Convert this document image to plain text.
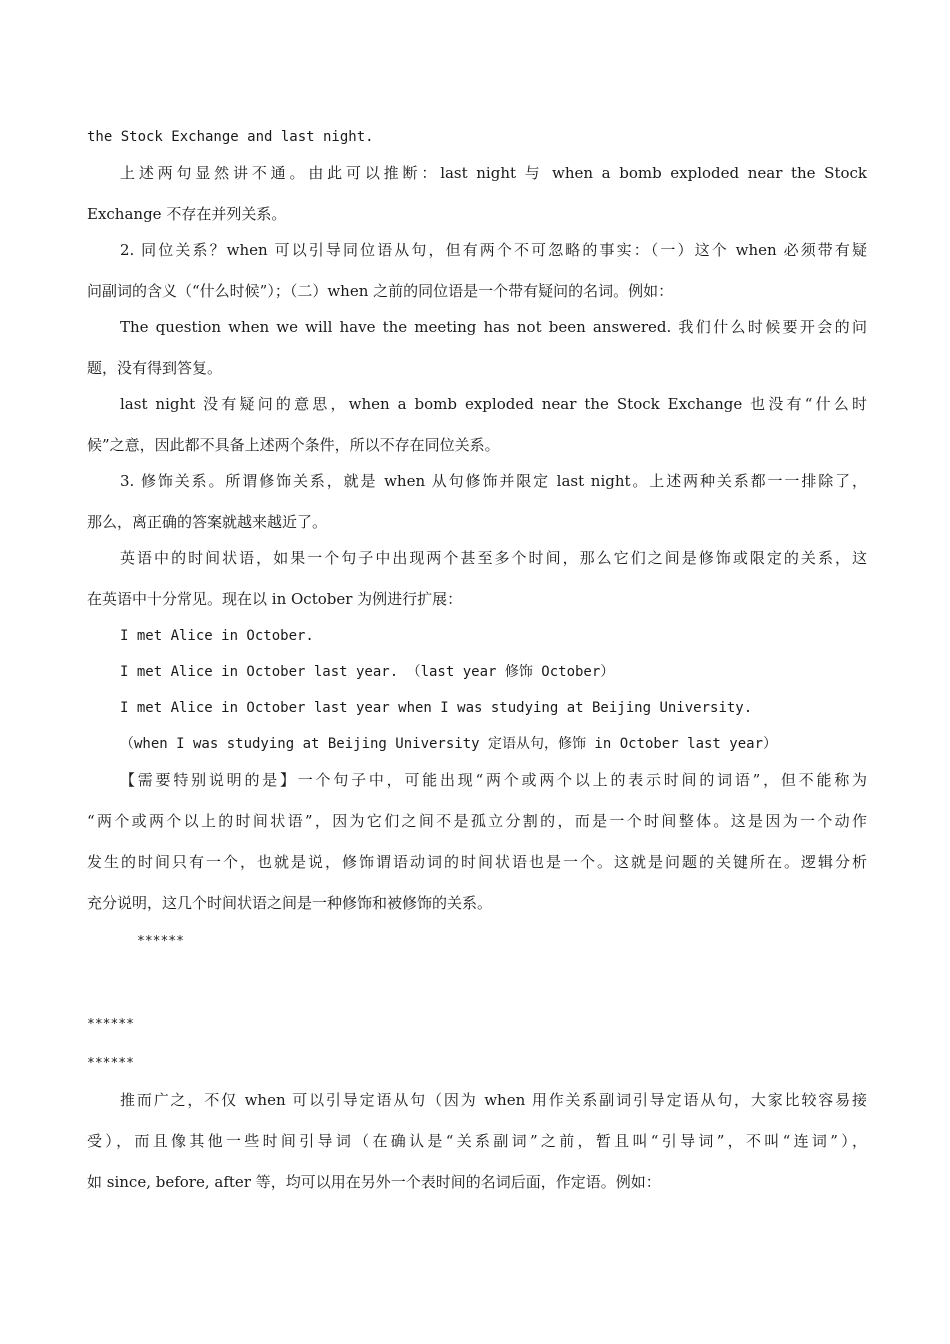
the Stock Exchange and last night.
上述两句显然讲不通。由此可以推断：last night 与 when a bomb exploded near the Stock
Exchange 不存在并列关系。
2. 同位关系？when 可以引导同位语从句，但有两个不可忽略的事实：（一）这个 when 必须带有疑
问副词的含义（“什么时候”）；（二）when 之前的同位语是一个带有疑问的名词。例如：
The question when we will have the meeting has not been answered. 我们什么时候要开会的问
题，没有得到答复。
last night 没有疑问的意思，when a bomb exploded near the Stock Exchange 也没有“什么时
候”之意，因此都不具备上述两个条件，所以不存在同位关系。
3. 修饰关系。所谓修饰关系，就是 when 从句修饰并限定 last night。上述两种关系都一一排除了，
那么，离正确的答案就越来越近了。
英语中的时间状语，如果一个句子中出现两个甚至多个时间，那么它们之间是修饰或限定的关系，这
在英语中十分常见。现在以 in October 为例进行扩展：
I met Alice in October.
I met Alice in October last year. （last year 修饰 October）
I met Alice in October last year when I was studying at Beijing University.
（when I was studying at Beijing University 定语从句，修饰 in October last year）
【需要特别说明的是】一个句子中，可能出现“两个或两个以上的表示时间的词语”，但不能称为
“两个或两个以上的时间状语”，因为它们之间不是孤立分割的，而是一个时间整体。这是因为一个动作
发生的时间只有一个，也就是说，修饰谓语动词的时间状语也是一个。这就是问题的关键所在。逻辑分析
充分说明，这几个时间状语之间是一种修饰和被修饰的关系。
******
******
******
推而广之，不仅 when 可以引导定语从句（因为 when 用作关系副词引导定语从句，大家比较容易接
受），而且像其他一些时间引导词（在确认是“关系副词”之前，暂且叫“引导词”，不叫“连词”），
如 since, before, after 等，均可以用在另外一个表时间的名词后面，作定语。例如：
